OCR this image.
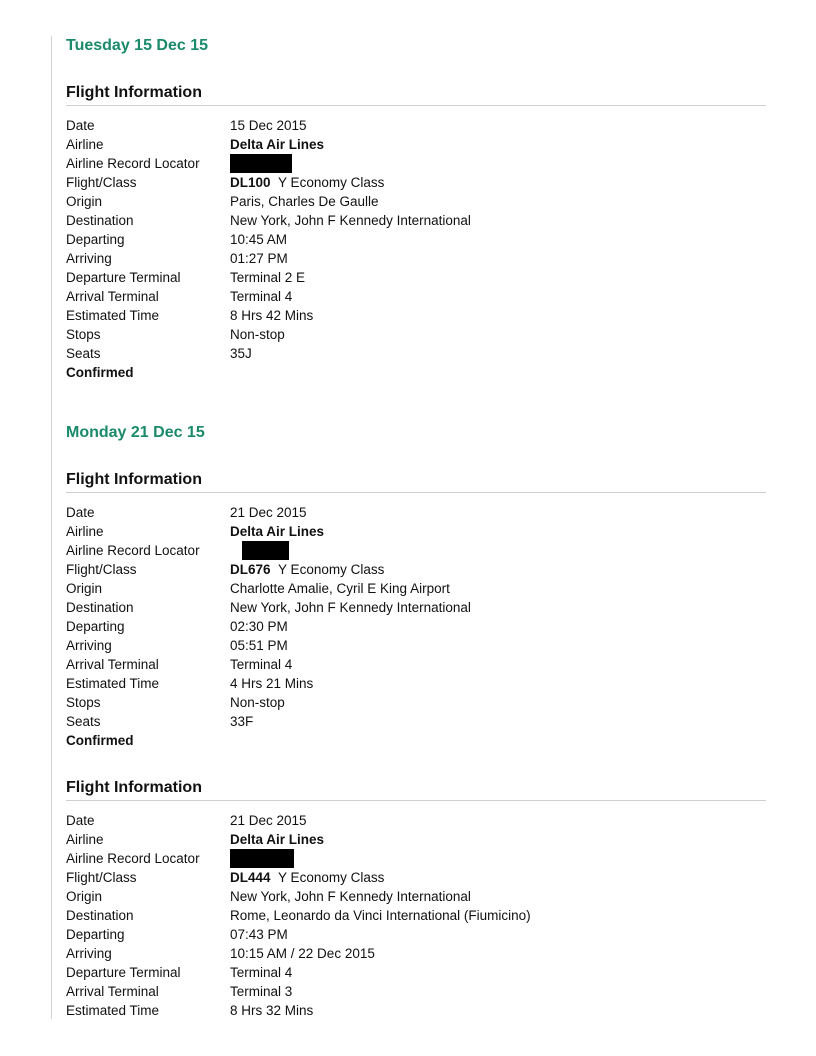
Tuesday 15 Dec 15
Flight Information
Date	15 Dec 2015
Airline	Delta Air Lines
Airline Record Locator
Flight/Class	DL100 Y Economy Class
Origin	Paris, Charles De Gaulle
Destination	New York, John F Kennedy International
Departing	10:45 AM
Arriving	01:27 PM
Departure Terminal	Terminal 2 E
Arrival Terminal	Terminal 4
Estimated Time	8 Hrs 42 Mins
Stops	Non-stop
Seats	35J
Confirmed
Monday 21 Dec 15
Flight Information
Date	21 Dec 2015
Airline	Delta Air Lines
Airline Record Locator
Flight/Class	DL676 Y Economy Class
Origin	Charlotte Amalie, Cyril E King Airport
Destination	New York, John F Kennedy International
Departing	02:30 PM
Arriving	05:51 PM
Arrival Terminal	Terminal 4
Estimated Time	4 Hrs 21 Mins
Stops	Non-stop
Seats	33F
Confirmed
Flight Information
Date	21 Dec 2015
Airline	Delta Air Lines
Airline Record Locator
Flight/Class	DL444 Y Economy Class
Origin	New York, John F Kennedy International
Destination	Rome, Leonardo da Vinci International (Fiumicino)
Departing	07:43 PM
Arriving	10:15 AM / 22 Dec 2015
Departure Terminal	Terminal 4
Arrival Terminal	Terminal 3
Estimated Time	8 Hrs 32 Mins
